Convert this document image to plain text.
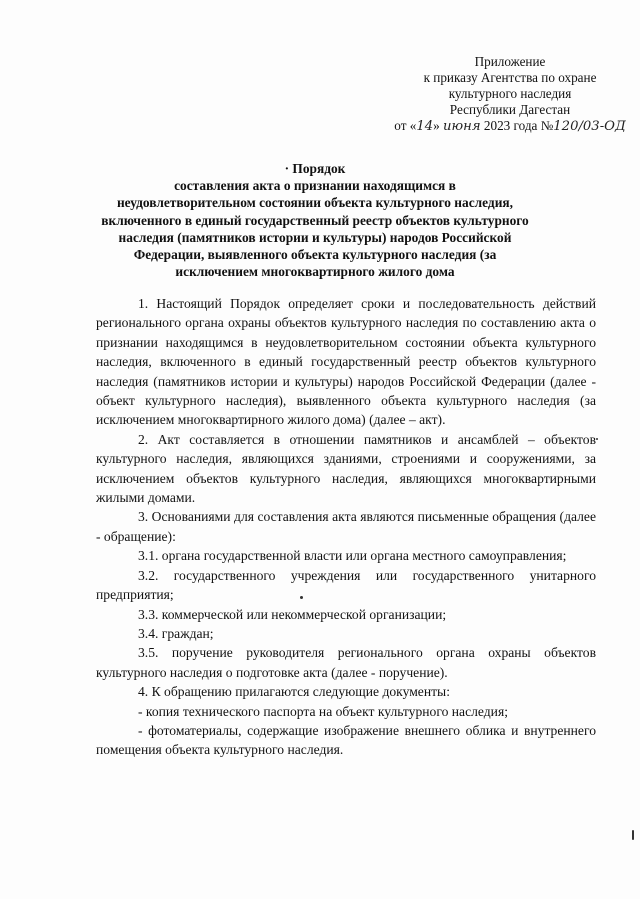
Приложение
к приказу Агентства по охране
культурного наследия
Республики Дагестан
от «14» июня 2023 года №120/03-ОД
· Порядок
составления акта о признании находящимся в
неудовлетворительном состоянии объекта культурного наследия,
включенного в единый государственный реестр объектов культурного
наследия (памятников истории и культуры) народов Российской
Федерации, выявленного объекта культурного наследия (за
исключением многоквартирного жилого дома

1. Настоящий Порядок определяет сроки и последовательность действий регионального органа охраны объектов культурного наследия по составлению акта о признании находящимся в неудовлетворительном состоянии объекта культурного наследия, включенного в единый государственный реестр объектов культурного наследия (памятников истории и культуры) народов Российской Федерации (далее - объект культурного наследия), выявленного объекта культурного наследия (за исключением многоквартирного жилого дома) (далее – акт).

2. Акт составляется в отношении памятников и ансамблей – объектов культурного наследия, являющихся зданиями, строениями и сооружениями, за исключением объектов культурного наследия, являющихся многоквартирными жилыми домами.

3. Основаниями для составления акта являются письменные обращения (далее - обращение):

3.1. органа государственной власти или органа местного самоуправления;

3.2. государственного учреждения или государственного унитарного предприятия;

3.3. коммерческой или некоммерческой организации;

3.4. граждан;

3.5. поручение руководителя регионального органа охраны объектов культурного наследия о подготовке акта (далее - поручение).

4. К обращению прилагаются следующие документы:

- копия технического паспорта на объект культурного наследия;

- фотоматериалы, содержащие изображение внешнего облика и внутреннего помещения объекта культурного наследия.
